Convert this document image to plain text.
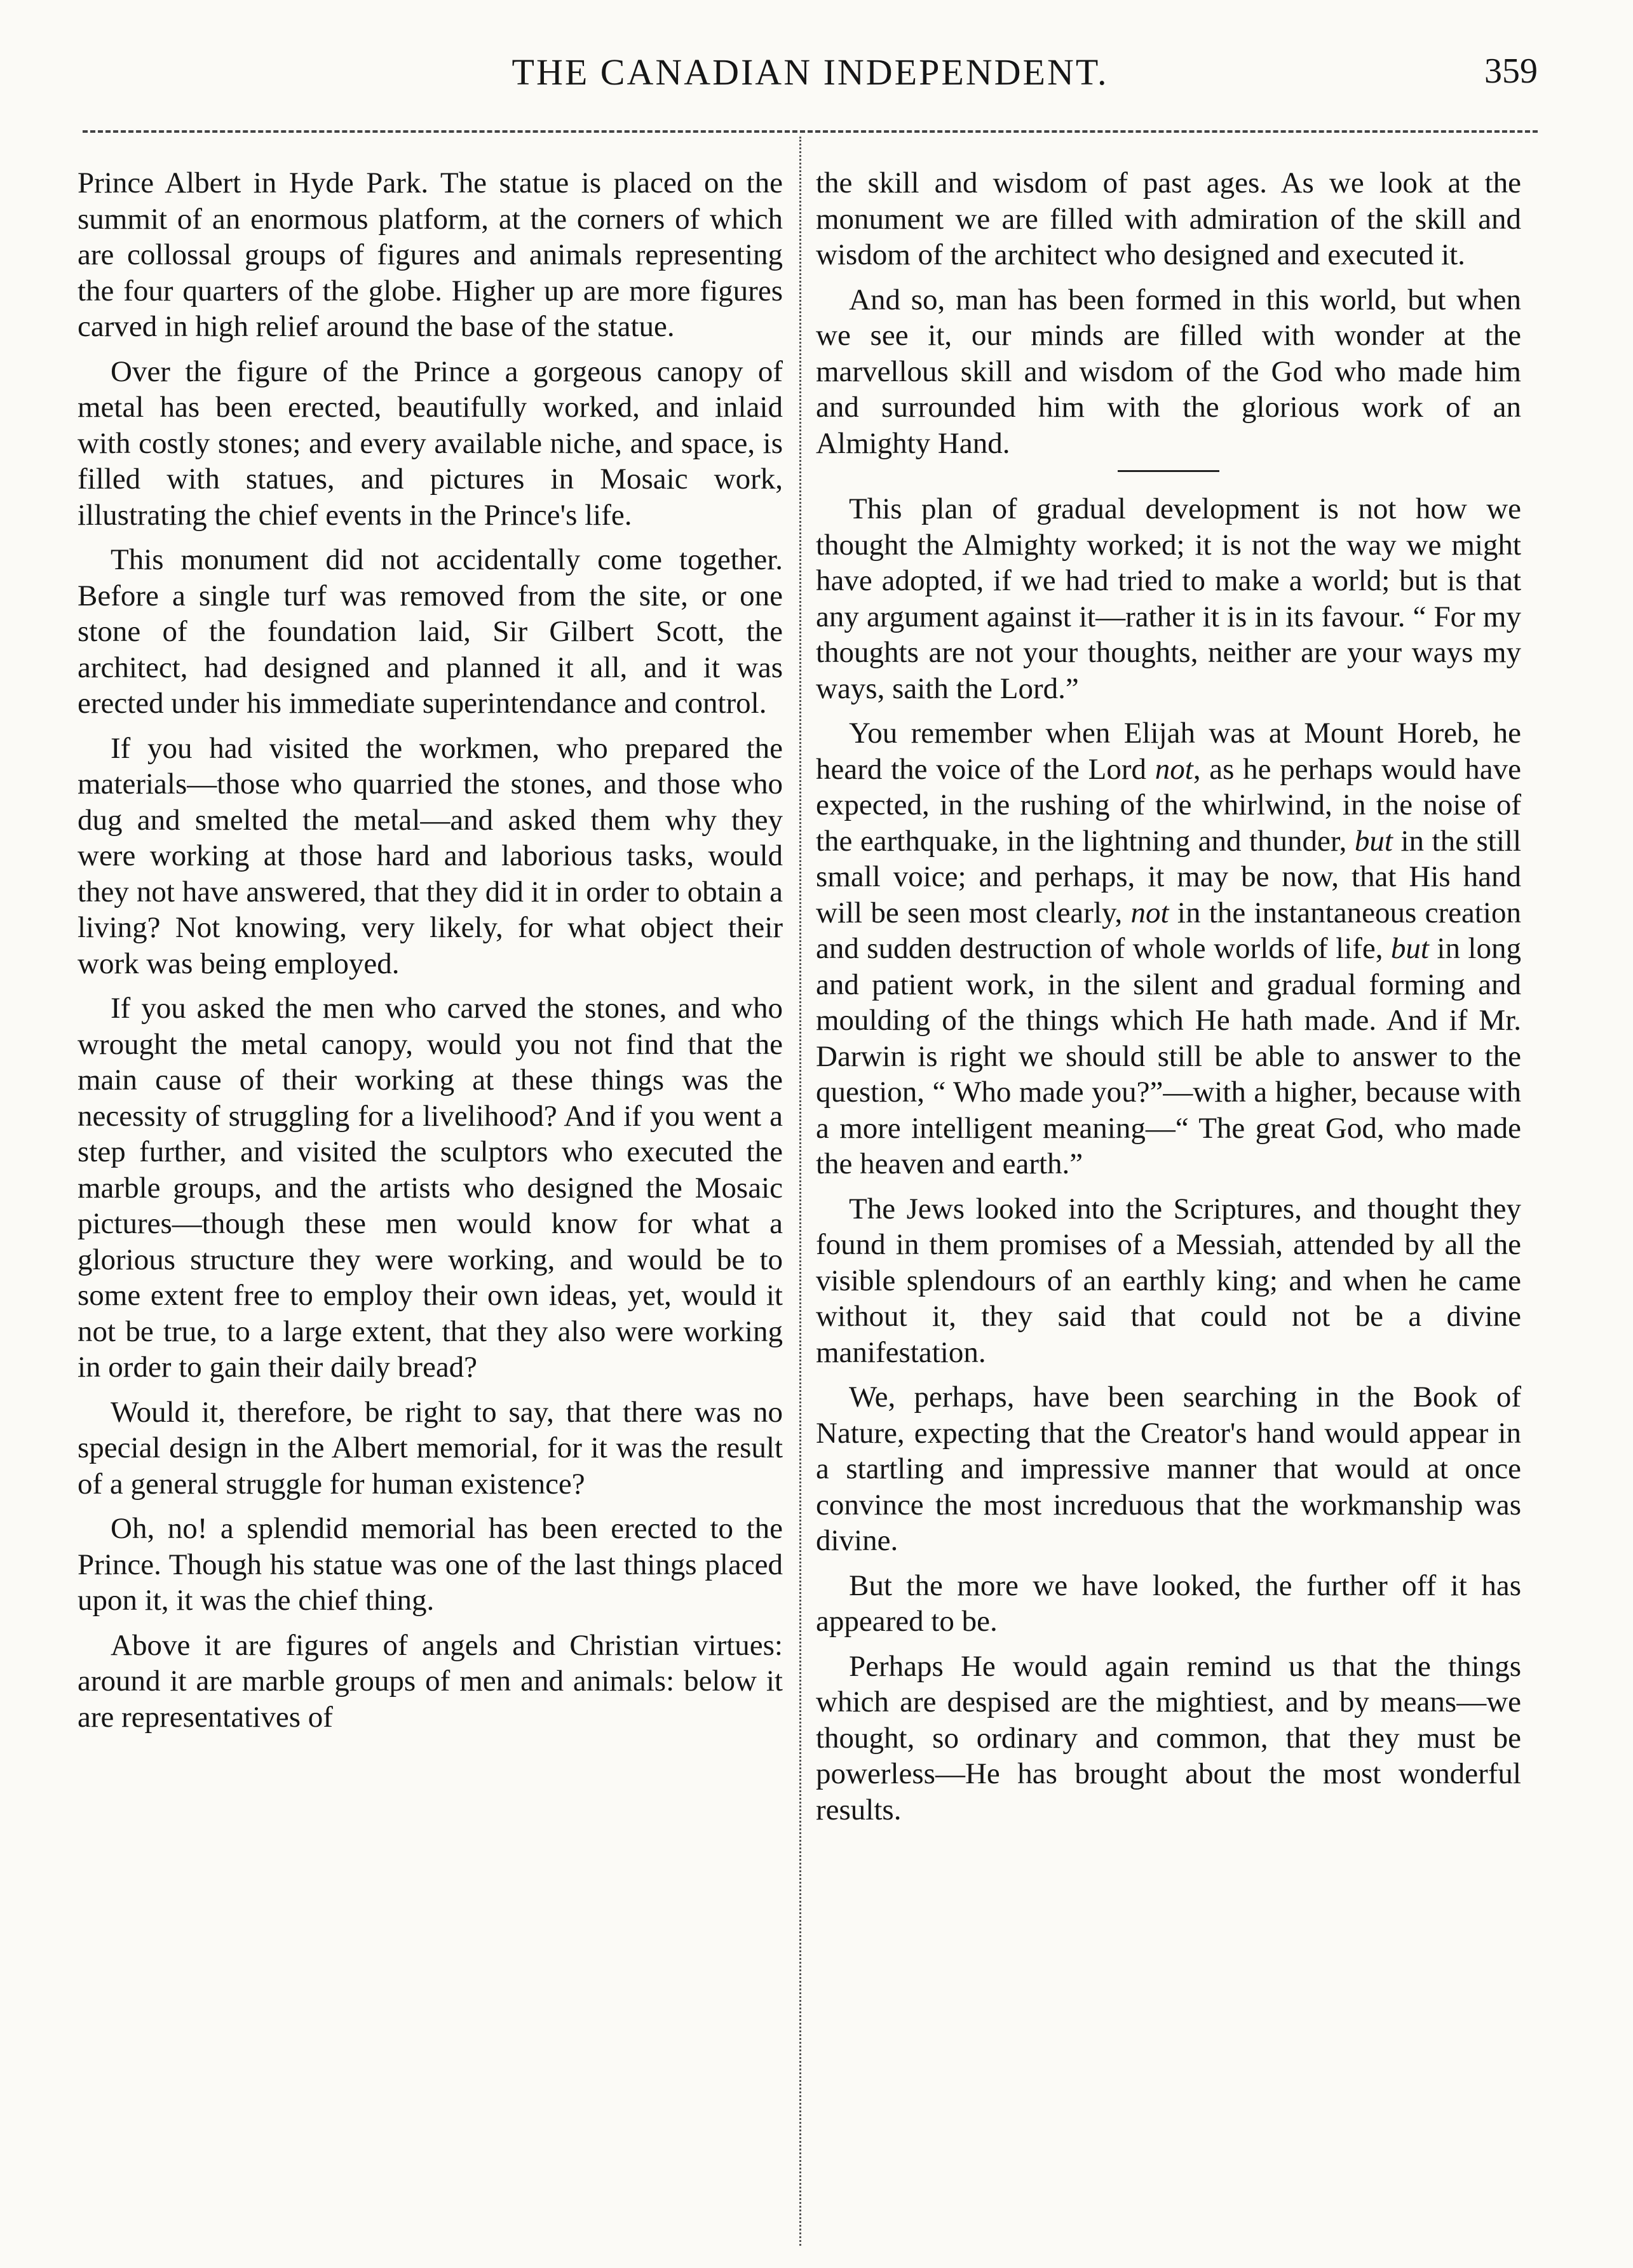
THE CANADIAN INDEPENDENT.	359

Prince Albert in Hyde Park. The statue is placed on the summit of an enormous platform, at the corners of which are collossal groups of figures and animals representing the four quarters of the globe. Higher up are more figures carved in high relief around the base of the statue.

Over the figure of the Prince a gorgeous canopy of metal has been erected, beautifully worked, and inlaid with costly stones; and every available niche, and space, is filled with statues, and pictures in Mosaic work, illustrating the chief events in the Prince's life.

This monument did not accidentally come together. Before a single turf was removed from the site, or one stone of the foundation laid, Sir Gilbert Scott, the architect, had designed and planned it all, and it was erected under his immediate superintendance and control.

If you had visited the workmen, who prepared the materials—those who quarried the stones, and those who dug and smelted the metal—and asked them why they were working at those hard and laborious tasks, would they not have answered, that they did it in order to obtain a living? Not knowing, very likely, for what object their work was being employed.

If you asked the men who carved the stones, and who wrought the metal canopy, would you not find that the main cause of their working at these things was the necessity of struggling for a livelihood? And if you went a step further, and visited the sculptors who executed the marble groups, and the artists who designed the Mosaic pictures—though these men would know for what a glorious structure they were working, and would be to some extent free to employ their own ideas, yet, would it not be true, to a large extent, that they also were working in order to gain their daily bread?

Would it, therefore, be right to say, that there was no special design in the Albert memorial, for it was the result of a general struggle for human existence?

Oh, no! a splendid memorial has been erected to the Prince. Though his statue was one of the last things placed upon it, it was the chief thing.

Above it are figures of angels and Christian virtues: around it are marble groups of men and animals: below it are representatives of

the skill and wisdom of past ages. As we look at the monument we are filled with admiration of the skill and wisdom of the architect who designed and executed it.

And so, man has been formed in this world, but when we see it, our minds are filled with wonder at the marvellous skill and wisdom of the God who made him and surrounded him with the glorious work of an Almighty Hand.

This plan of gradual development is not how we thought the Almighty worked; it is not the way we might have adopted, if we had tried to make a world; but is that any argument against it—rather it is in its favour. “ For my thoughts are not your thoughts, neither are your ways my ways, saith the Lord.”

You remember when Elijah was at Mount Horeb, he heard the voice of the Lord not, as he perhaps would have expected, in the rushing of the whirlwind, in the noise of the earthquake, in the lightning and thunder, but in the still small voice; and perhaps, it may be now, that His hand will be seen most clearly, not in the instantaneous creation and sudden destruction of whole worlds of life, but in long and patient work, in the silent and gradual forming and moulding of the things which He hath made. And if Mr. Darwin is right we should still be able to answer to the question, “ Who made you?”—with a higher, because with a more intelligent meaning—“ The great God, who made the heaven and earth.”

The Jews looked into the Scriptures, and thought they found in them promises of a Messiah, attended by all the visible splendours of an earthly king; and when he came without it, they said that could not be a divine manifestation.

We, perhaps, have been searching in the Book of Nature, expecting that the Creator's hand would appear in a startling and impressive manner that would at once convince the most increduous that the workmanship was divine.

But the more we have looked, the further off it has appeared to be.

Perhaps He would again remind us that the things which are despised are the mightiest, and by means—we thought, so ordinary and common, that they must be powerless—He has brought about the most wonderful results.
